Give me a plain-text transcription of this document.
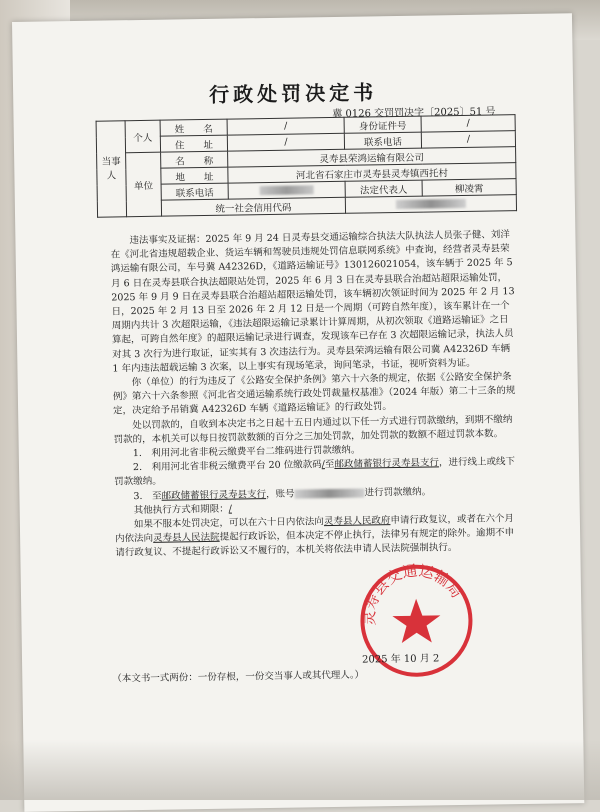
行政处罚决定书
冀 0126 交罚罚决字〔2025〕51 号
当事人	个人	姓　　名	/	身份证件号	/
		住　　址	/	联系电话	/
	单位	名　　称	灵寿县荣鸿运输有限公司		
		地　　址	河北省石家庄市灵寿县灵寿镇西托村		
		联系电话		法定代表人	柳凌霄
		统一社会信用代码			

违法事实及证据：2025 年 9 月 24 日灵寿县交通运输综合执法大队执法人员张子健、刘洋在《河北省违规超载企业、货运车辆和驾驶员违规处罚信息联网系统》中查询，经营者灵寿县荣鸿运输有限公司，车号冀 A42326D，《道路运输证号》130126021054，该车辆于 2025 年 5 月 6 日在灵寿县联合执法超限站处罚，2025 年 6 月 3 日在灵寿县联合治超站超限运输处罚，2025 年 9 月 9 日在灵寿县联合治超站超限运输处罚，该车辆初次领证时间为 2025 年 2 月 13 日，2025 年 2 月 13 日至 2026 年 2 月 12 日是一个周期（可跨自然年度），该车累计在一个周期内共计 3 次超限运输，《违法超限运输记录累计计算周期，从初次领取《道路运输证》之日算起，可跨自然年度》的超限运输记录进行调查，发现该车已存在 3 次超限运输记录，执法人员对其 3 次行为进行取证，证实其有 3 次违法行为。灵寿县荣鸿运输有限公司冀 A42326D 车辆 1 年内违法超载运输 3 次案，以上事实有现场笔录，询问笔录，书证，视听资料为证。

你（单位）的行为违反了《公路安全保护条例》第六十六条的规定，依据《公路安全保护条例》第六十六条参照《河北省交通运输系统行政处罚裁量权基准》（2024 年版）第二十三条的规定，决定给予吊销冀 A42326D 车辆《道路运输证》的行政处罚。

处以罚款的，自收到本决定书之日起十五日内通过以下任一方式进行罚款缴纳，到期不缴纳罚款的，本机关可以每日按罚款数额的百分之三加处罚款，加处罚款的数额不超过罚款本数。

1.　利用河北省非税云缴费平台二维码进行罚款缴纳。

2.　利用河北省非税云缴费平台 20 位缴款码/至邮政储蓄银行灵寿县支行，进行线上或线下罚款缴纳。

3.　至邮政储蓄银行灵寿县支行，账号	进行罚款缴纳。

其他执行方式和期限：/

如果不服本处罚决定，可以在六十日内依法向灵寿县人民政府申请行政复议，或者在六个月内依法向灵寿县人民法院提起行政诉讼，但本决定不停止执行，法律另有规定的除外。逾期不申请行政复议、不提起行政诉讼又不履行的，本机关将依法申请人民法院强制执行。

灵寿县交通运输局
2025 年 10 月 2
（本文书一式两份：一份存根，一份交当事人或其代理人。）
